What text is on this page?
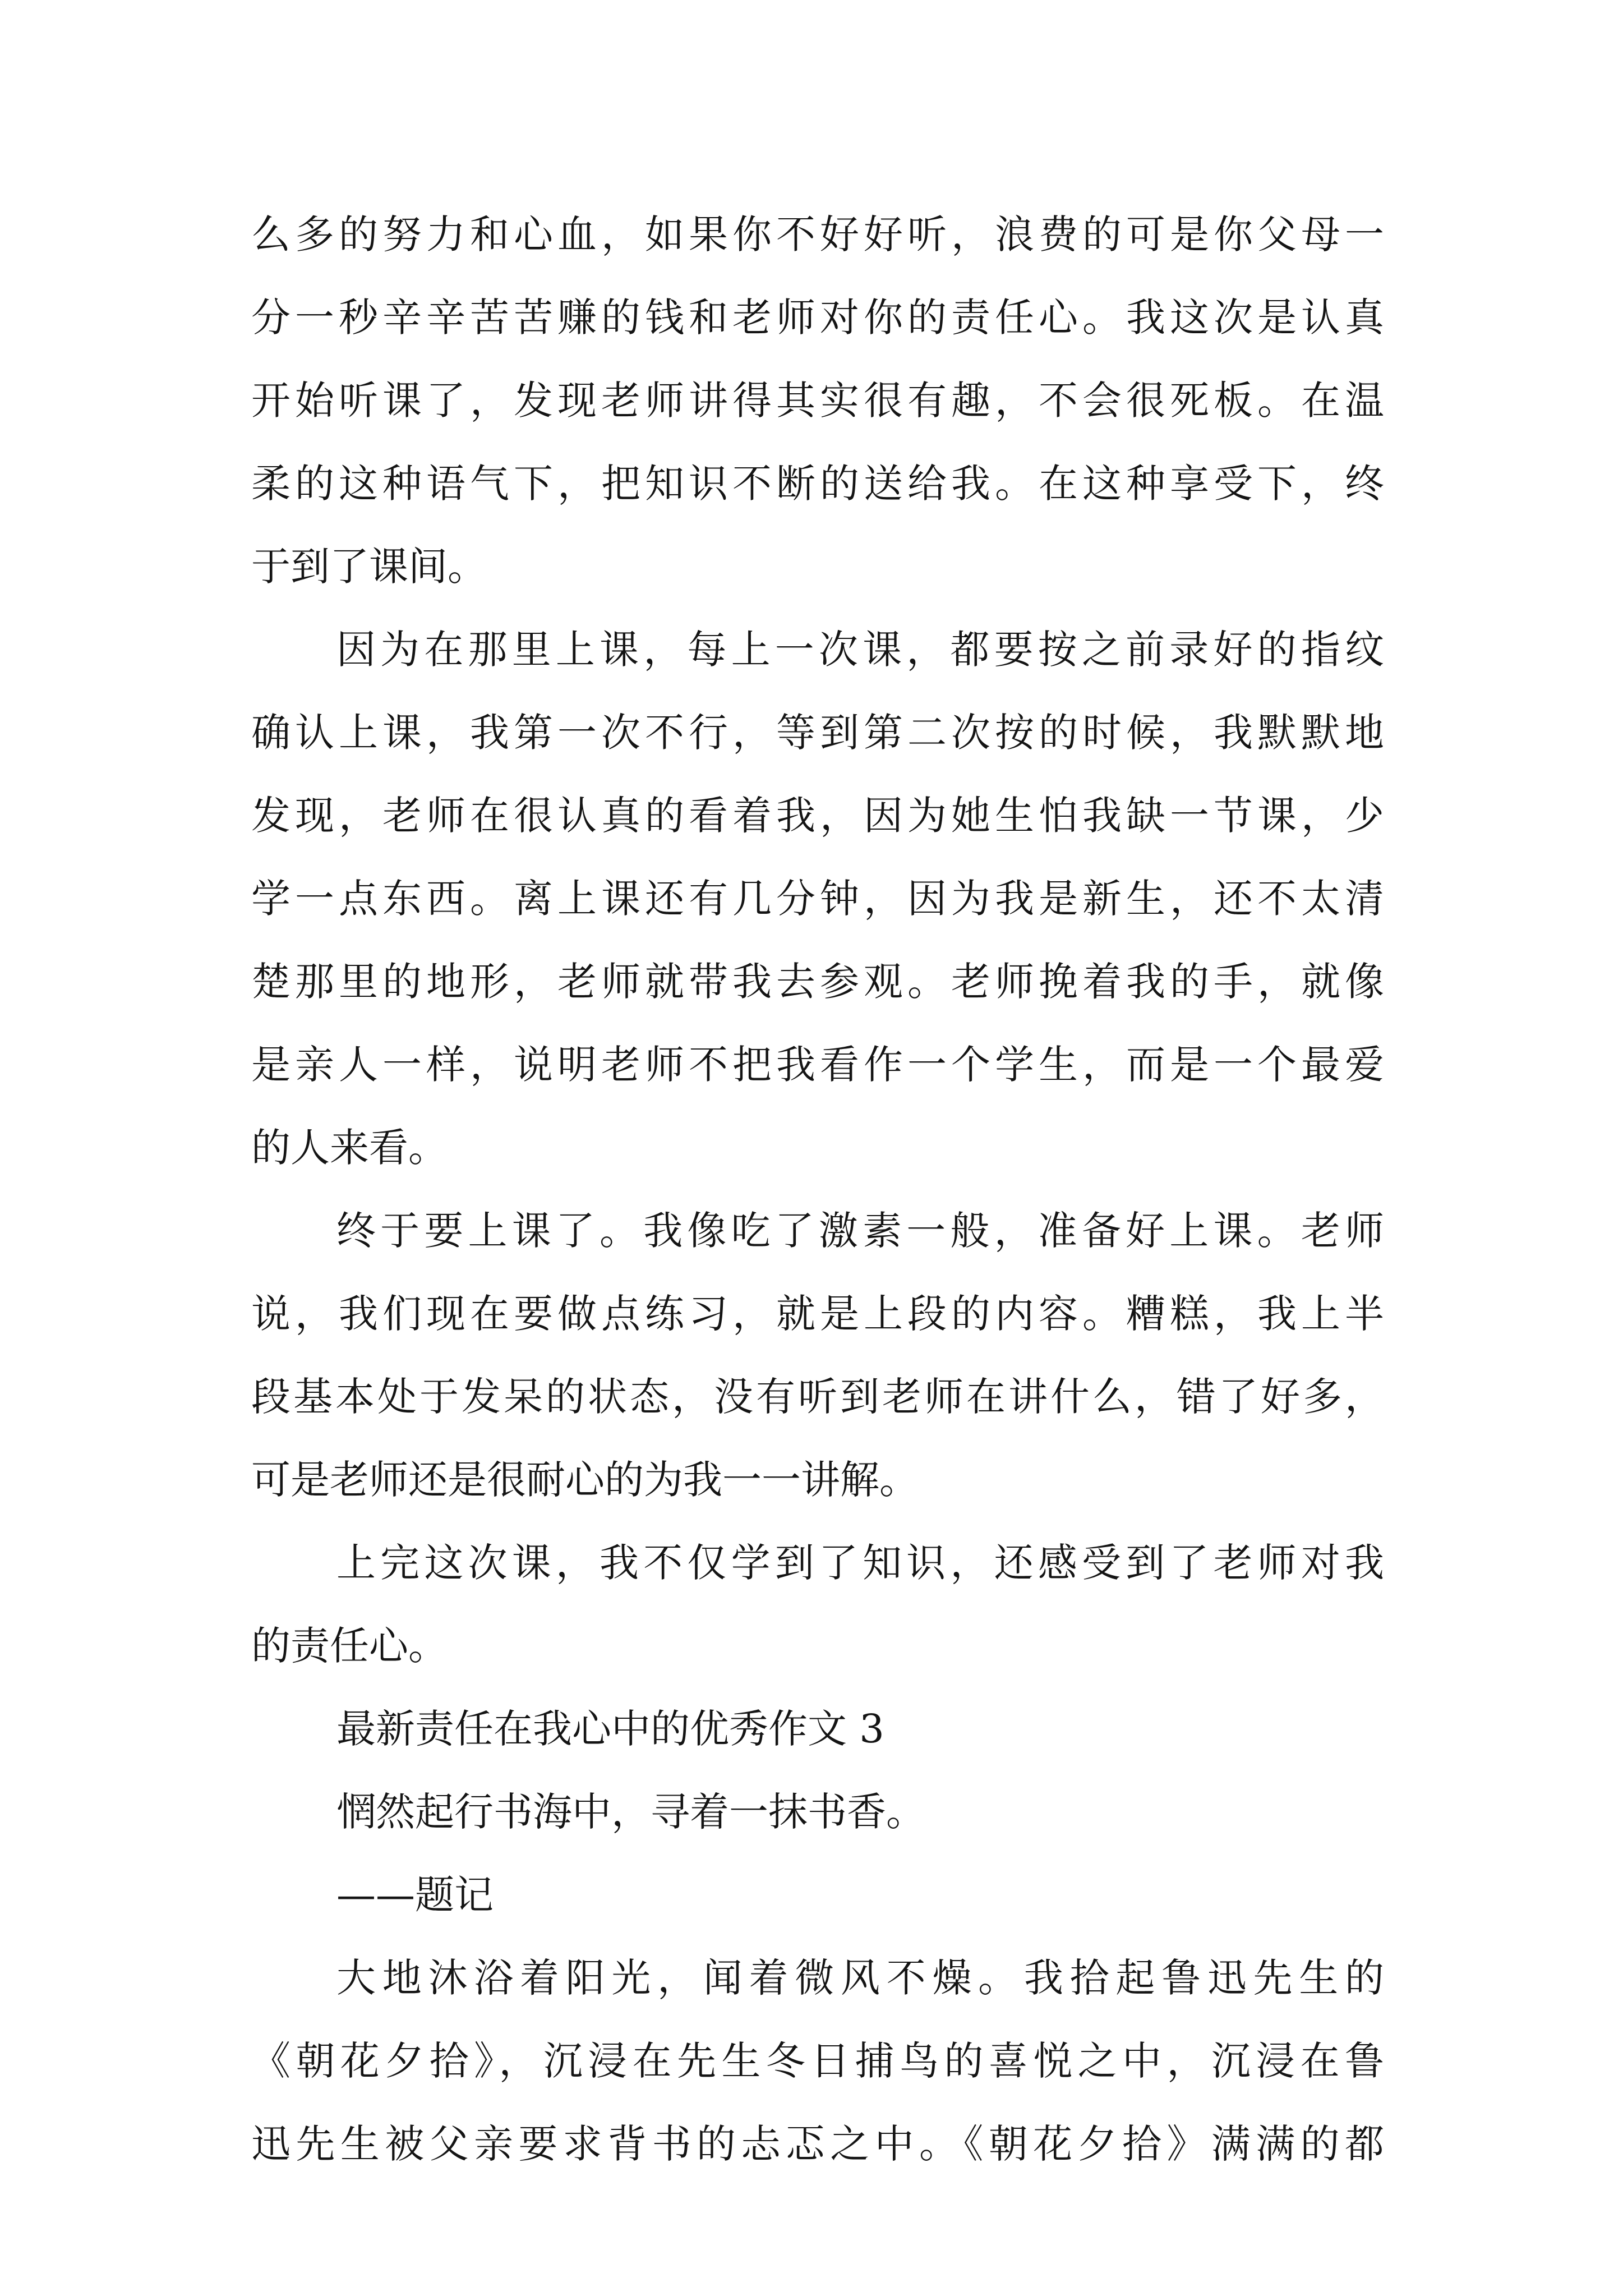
么多的努力和心血，如果你不好好听，浪费的可是你父母一
分一秒辛辛苦苦赚的钱和老师对你的责任心。我这次是认真
开始听课了，发现老师讲得其实很有趣，不会很死板。在温
柔的这种语气下，把知识不断的送给我。在这种享受下，终
于到了课间。
因为在那里上课，每上一次课，都要按之前录好的指纹
确认上课，我第一次不行，等到第二次按的时候，我默默地
发现，老师在很认真的看着我，因为她生怕我缺一节课，少
学一点东西。离上课还有几分钟，因为我是新生，还不太清
楚那里的地形，老师就带我去参观。老师挽着我的手，就像
是亲人一样，说明老师不把我看作一个学生，而是一个最爱
的人来看。
终于要上课了。我像吃了激素一般，准备好上课。老师
说，我们现在要做点练习，就是上段的内容。糟糕，我上半
段基本处于发呆的状态，没有听到老师在讲什么，错了好多，
可是老师还是很耐心的为我一一讲解。
上完这次课，我不仅学到了知识，还感受到了老师对我
的责任心。
最新责任在我心中的优秀作文 3
惘然起行书海中，寻着一抹书香。
——题记
大地沐浴着阳光，闻着微风不燥。我拾起鲁迅先生的
《朝花夕拾》，沉浸在先生冬日捕鸟的喜悦之中，沉浸在鲁
迅先生被父亲要求背书的忐忑之中。《朝花夕拾》满满的都
